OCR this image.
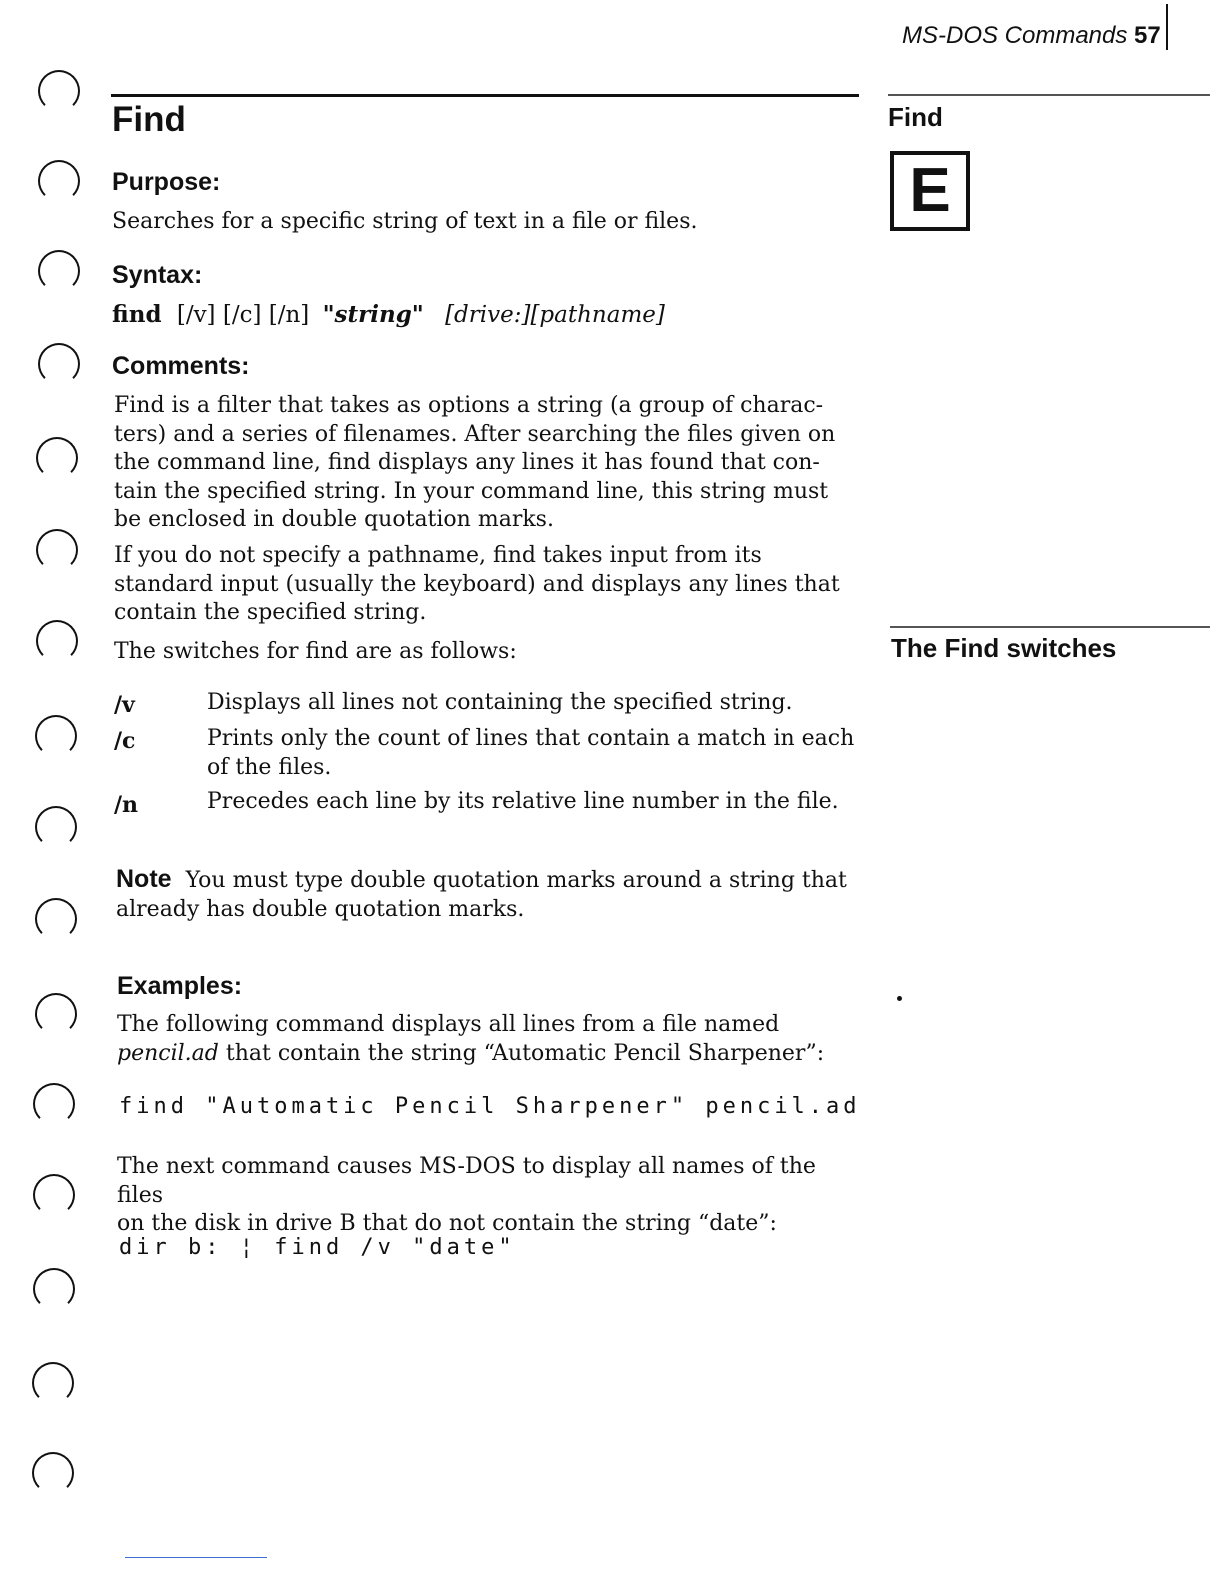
MS-DOS Commands 57
Find	Find
E
The Find switches
Purpose:
Searches for a specific string of text in a file or files.
Syntax:
find [/v] [/c] [/n] "string" [drive:][pathname]
Comments:
Find is a filter that takes as options a string (a group of charac-
ters) and a series of filenames. After searching the files given on
the command line, find displays any lines it has found that con-
tain the specified string. In your command line, this string must
be enclosed in double quotation marks.
If you do not specify a pathname, find takes input from its
standard input (usually the keyboard) and displays any lines that
contain the specified string.
The switches for find are as follows:
/v	Displays all lines not containing the specified string.
/c	Prints only the count of lines that contain a match in each of the files.
/n	Precedes each line by its relative line number in the file.
Note You must type double quotation marks around a string that
already has double quotation marks.
Examples:
The following command displays all lines from a file named
pencil.ad that contain the string “Automatic Pencil Sharpener”:
find "Automatic Pencil Sharpener" pencil.ad
The next command causes MS-DOS to display all names of the files
on the disk in drive B that do not contain the string “date”:
dir b: ¦ find /v "date"
